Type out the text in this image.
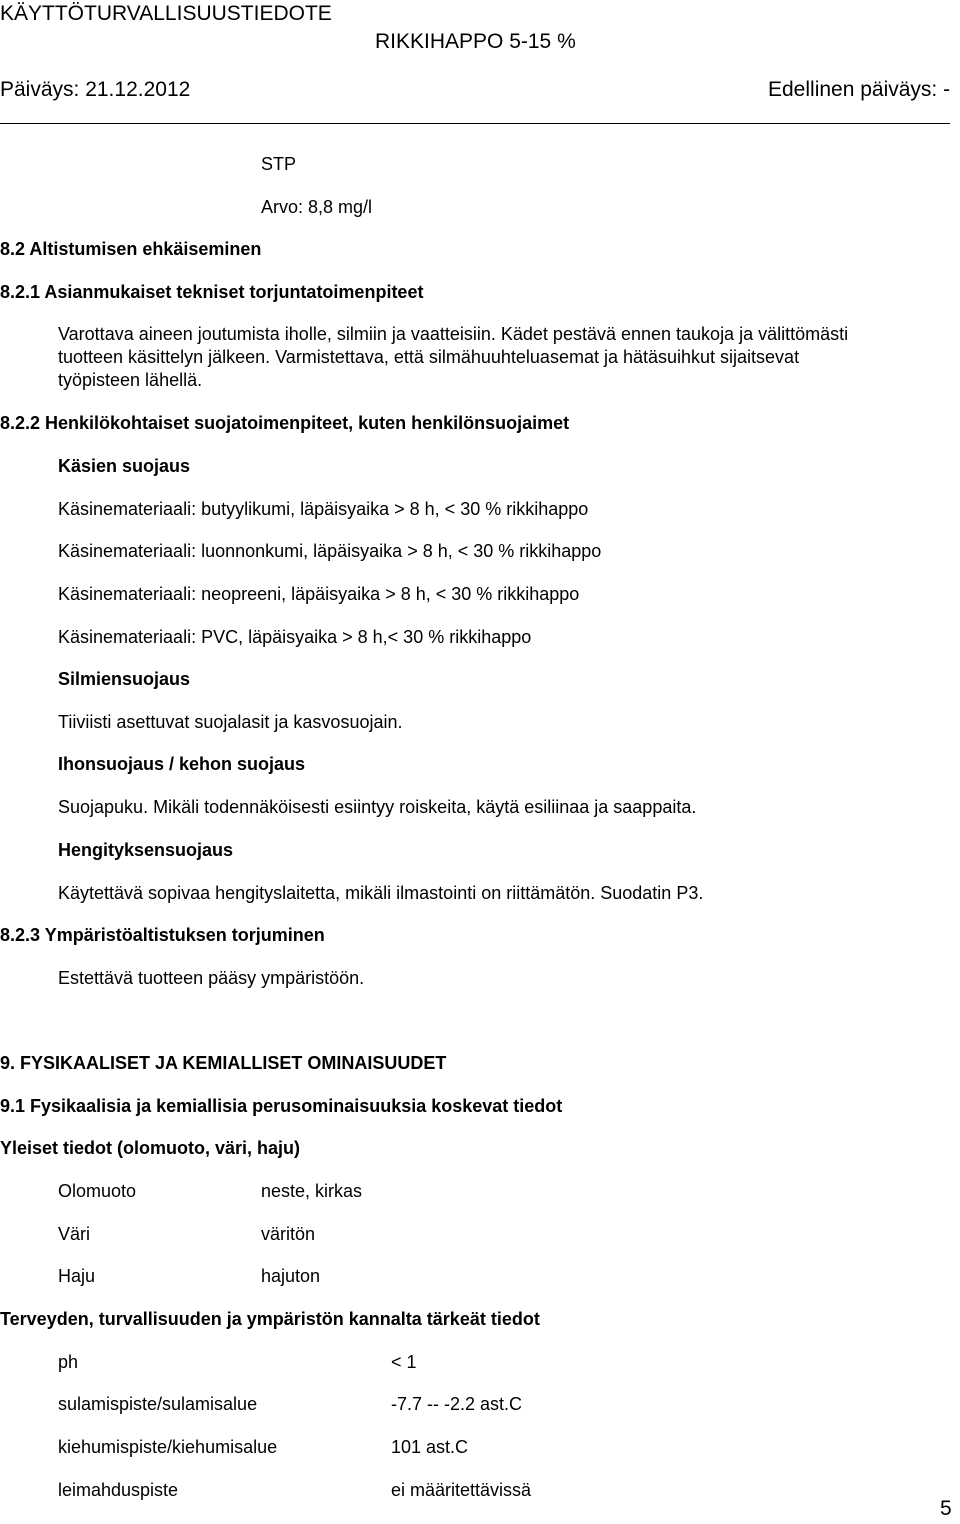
KÄYTTÖTURVALLISUUSTIEDOTE
RIKKIHAPPO 5-15 %
Päiväys: 21.12.2012	Edellinen päiväys: -
STP
Arvo: 8,8 mg/l
8.2 Altistumisen ehkäiseminen
8.2.1 Asianmukaiset tekniset torjuntatoimenpiteet
Varottava aineen joutumista iholle, silmiin ja vaatteisiin. Kädet pestävä ennen taukoja ja välittömästi
tuotteen käsittelyn jälkeen. Varmistettava, että silmähuuhteluasemat ja hätäsuihkut sijaitsevat
työpisteen lähellä.
8.2.2 Henkilökohtaiset suojatoimenpiteet, kuten henkilönsuojaimet
Käsien suojaus
Käsinemateriaali: butyylikumi, läpäisyaika > 8 h, < 30 % rikkihappo
Käsinemateriaali: luonnonkumi, läpäisyaika > 8 h, < 30 % rikkihappo
Käsinemateriaali: neopreeni, läpäisyaika > 8 h, < 30 % rikkihappo
Käsinemateriaali: PVC, läpäisyaika > 8 h,< 30 % rikkihappo
Silmiensuojaus
Tiiviisti asettuvat suojalasit ja kasvosuojain.
Ihonsuojaus / kehon suojaus
Suojapuku. Mikäli todennäköisesti esiintyy roiskeita, käytä esiliinaa ja saappaita.
Hengityksensuojaus
Käytettävä sopivaa hengityslaitetta, mikäli ilmastointi on riittämätön. Suodatin P3.
8.2.3 Ympäristöaltistuksen torjuminen
Estettävä tuotteen pääsy ympäristöön.
9. FYSIKAALISET JA KEMIALLISET OMINAISUUDET
9.1 Fysikaalisia ja kemiallisia perusominaisuuksia koskevat tiedot
Yleiset tiedot (olomuoto, väri, haju)
Olomuoto	neste, kirkas
Väri	väritön
Haju	hajuton
Terveyden, turvallisuuden ja ympäristön kannalta tärkeät tiedot
ph	< 1
sulamispiste/sulamisalue	-7.7 -- -2.2 ast.C
kiehumispiste/kiehumisalue	101 ast.C
leimahduspiste	ei määritettävissä
5
